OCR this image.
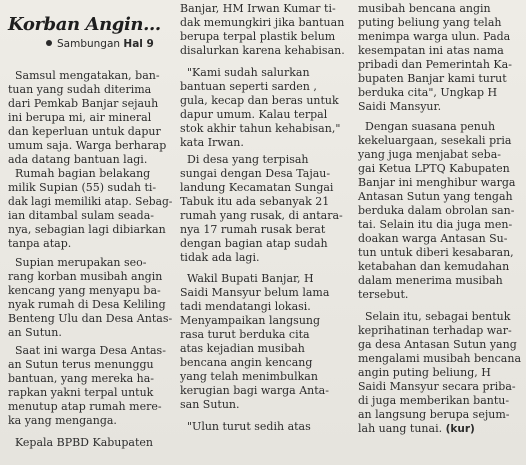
Korban Angin...
Sambungan Hal 9
Samsul mengatakan, ban-
tuan yang sudah diterima
dari Pemkab Banjar sejauh
ini berupa mi, air mineral
dan keperluan untuk dapur
umum saja. Warga berharap
ada datang bantuan lagi.
Rumah bagian belakang
milik Supian (55) sudah ti-
dak lagi memiliki atap. Sebag-
ian ditambal sulam seada-
nya, sebagian lagi dibiarkan
tanpa atap.
Supian merupakan seo-
rang korban musibah angin
kencang yang menyapu ba-
nyak rumah di Desa Keliling
Benteng Ulu dan Desa Antas-
an Sutun.
Saat ini warga Desa Antas-
an Sutun terus menunggu
bantuan, yang mereka ha-
rapkan yakni terpal untuk
menutup atap rumah mere-
ka yang menganga.
Kepala BPBD Kabupaten
Banjar, HM Irwan Kumar ti-
dak memungkiri jika bantuan
berupa terpal plastik belum
disalurkan karena kehabisan.
"Kami sudah salurkan
bantuan seperti sarden ,
gula, kecap dan beras untuk
dapur umum. Kalau terpal
stok akhir tahun kehabisan,"
kata Irwan.
Di desa yang terpisah
sungai dengan Desa Tajau-
landung Kecamatan Sungai
Tabuk itu ada sebanyak 21
rumah yang rusak, di antara-
nya 17 rumah rusak berat
dengan bagian atap sudah
tidak ada lagi.
Wakil Bupati Banjar, H
Saidi Mansyur belum lama
tadi mendatangi lokasi.
Menyampaikan langsung
rasa turut berduka cita
atas kejadian musibah
bencana angin kencang
yang telah menimbulkan
kerugian bagi warga Anta-
san Sutun.
"Ulun turut sedih atas
musibah bencana angin
puting beliung yang telah
menimpa warga ulun. Pada
kesempatan ini atas nama
pribadi dan Pemerintah Ka-
bupaten Banjar kami turut
berduka cita", Ungkap H
Saidi Mansyur.
Dengan suasana penuh
kekeluargaan, sesekali pria
yang juga menjabat seba-
gai Ketua LPTQ Kabupaten
Banjar ini menghibur warga
Antasan Sutun yang tengah
berduka dalam obrolan san-
tai. Selain itu dia juga men-
doakan warga Antasan Su-
tun untuk diberi kesabaran,
ketabahan dan kemudahan
dalam menerima musibah
tersebut.
Selain itu, sebagai bentuk
keprihatinan terhadap war-
ga desa Antasan Sutun yang
mengalami musibah bencana
angin puting beliung, H
Saidi Mansyur secara priba-
di juga memberikan bantu-
an langsung berupa sejum-
lah uang tunai. (kur)
